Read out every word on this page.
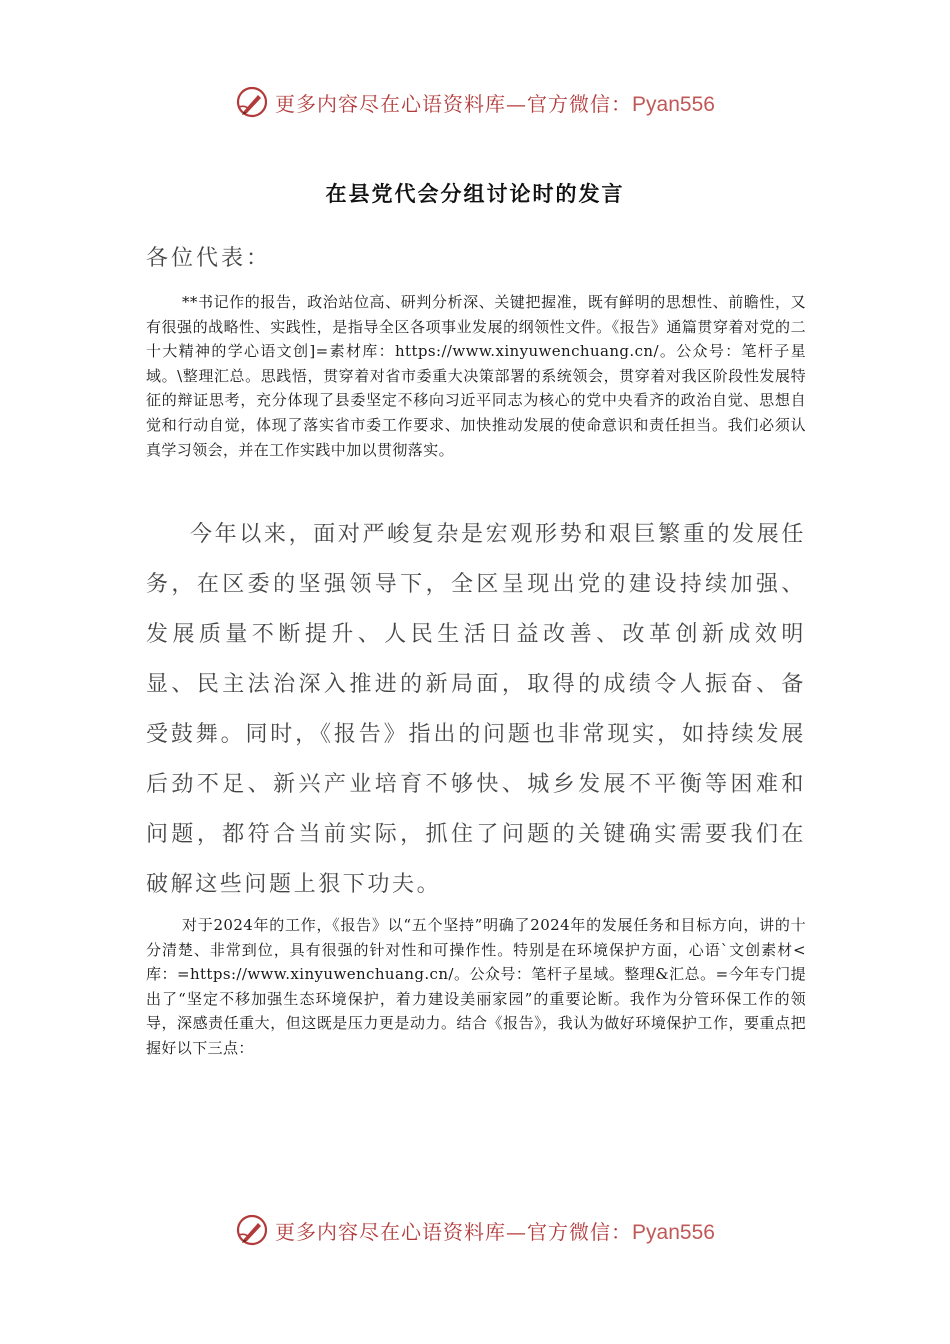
更多内容尽在心语资料库—官方微信：Pyan556
在县党代会分组讨论时的发言
各位代表：

**书记作的报告，政治站位高、研判分析深、关键把握准，既有鲜明的思想性、前瞻性，又有很强的战略性、实践性，是指导全区各项事业发展的纲领性文件。《报告》通篇贯穿着对党的二十大精神的学心语文创]=素材库：https://www.xinyuwenchuang.cn/。公众号：笔杆子星域。\整理汇总。思践悟，贯穿着对省市委重大决策部署的系统领会，贯穿着对我区阶段性发展特征的辩证思考，充分体现了县委坚定不移向习近平同志为核心的党中央看齐的政治自觉、思想自觉和行动自觉，体现了落实省市委工作要求、加快推动发展的使命意识和责任担当。我们必须认真学习领会，并在工作实践中加以贯彻落实。

今年以来，面对严峻复杂是宏观形势和艰巨繁重的发展任务，在区委的坚强领导下，全区呈现出党的建设持续加强、发展质量不断提升、人民生活日益改善、改革创新成效明显、民主法治深入推进的新局面，取得的成绩令人振奋、备受鼓舞。同时，《报告》指出的问题也非常现实，如持续发展后劲不足、新兴产业培育不够快、城乡发展不平衡等困难和问题，都符合当前实际，抓住了问题的关键确实需要我们在破解这些问题上狠下功夫。

对于2024年的工作，《报告》以“五个坚持”明确了2024年的发展任务和目标方向，讲的十分清楚、非常到位，具有很强的针对性和可操作性。特别是在环境保护方面，心语`文创素材<库：=https://www.xinyuwenchuang.cn/。公众号：笔杆子星域。整理&汇总。=今年专门提出了“坚定不移加强生态环境保护，着力建设美丽家园”的重要论断。我作为分管环保工作的领导，深感责任重大，但这既是压力更是动力。结合《报告》，我认为做好环境保护工作，要重点把握好以下三点：

更多内容尽在心语资料库—官方微信：Pyan556
